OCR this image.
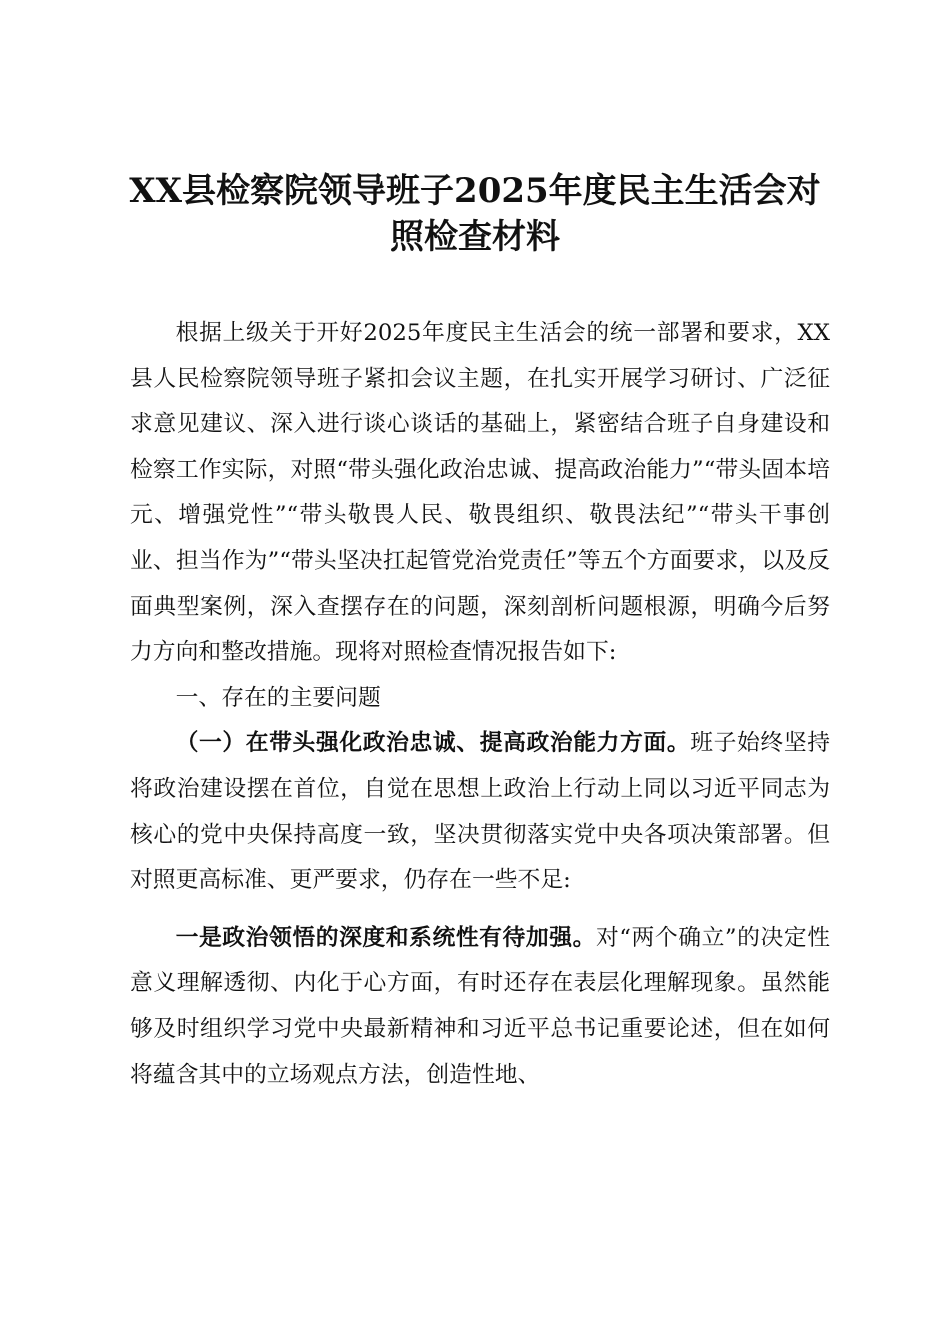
XX县检察院领导班子2025年度民主生活会对
照检查材料

根据上级关于开好2025年度民主生活会的统一部署和要求，XX县人民检察院领导班子紧扣会议主题，在扎实开展学习研讨、广泛征求意见建议、深入进行谈心谈话的基础上，紧密结合班子自身建设和检察工作实际，对照“带头强化政治忠诚、提高政治能力”“带头固本培元、增强党性”“带头敬畏人民、敬畏组织、敬畏法纪”“带头干事创业、担当作为”“带头坚决扛起管党治党责任”等五个方面要求，以及反面典型案例，深入查摆存在的问题，深刻剖析问题根源，明确今后努力方向和整改措施。现将对照检查情况报告如下:

一、存在的主要问题

（一）在带头强化政治忠诚、提高政治能力方面。班子始终坚持将政治建设摆在首位，自觉在思想上政治上行动上同以习近平同志为核心的党中央保持高度一致，坚决贯彻落实党中央各项决策部署。但对照更高标准、更严要求，仍存在一些不足:

一是政治领悟的深度和系统性有待加强。对“两个确立”的决定性意义理解透彻、内化于心方面，有时还存在表层化理解现象。虽然能够及时组织学习党中央最新精神和习近平总书记重要论述，但在如何将蕴含其中的立场观点方法，创造性地、
